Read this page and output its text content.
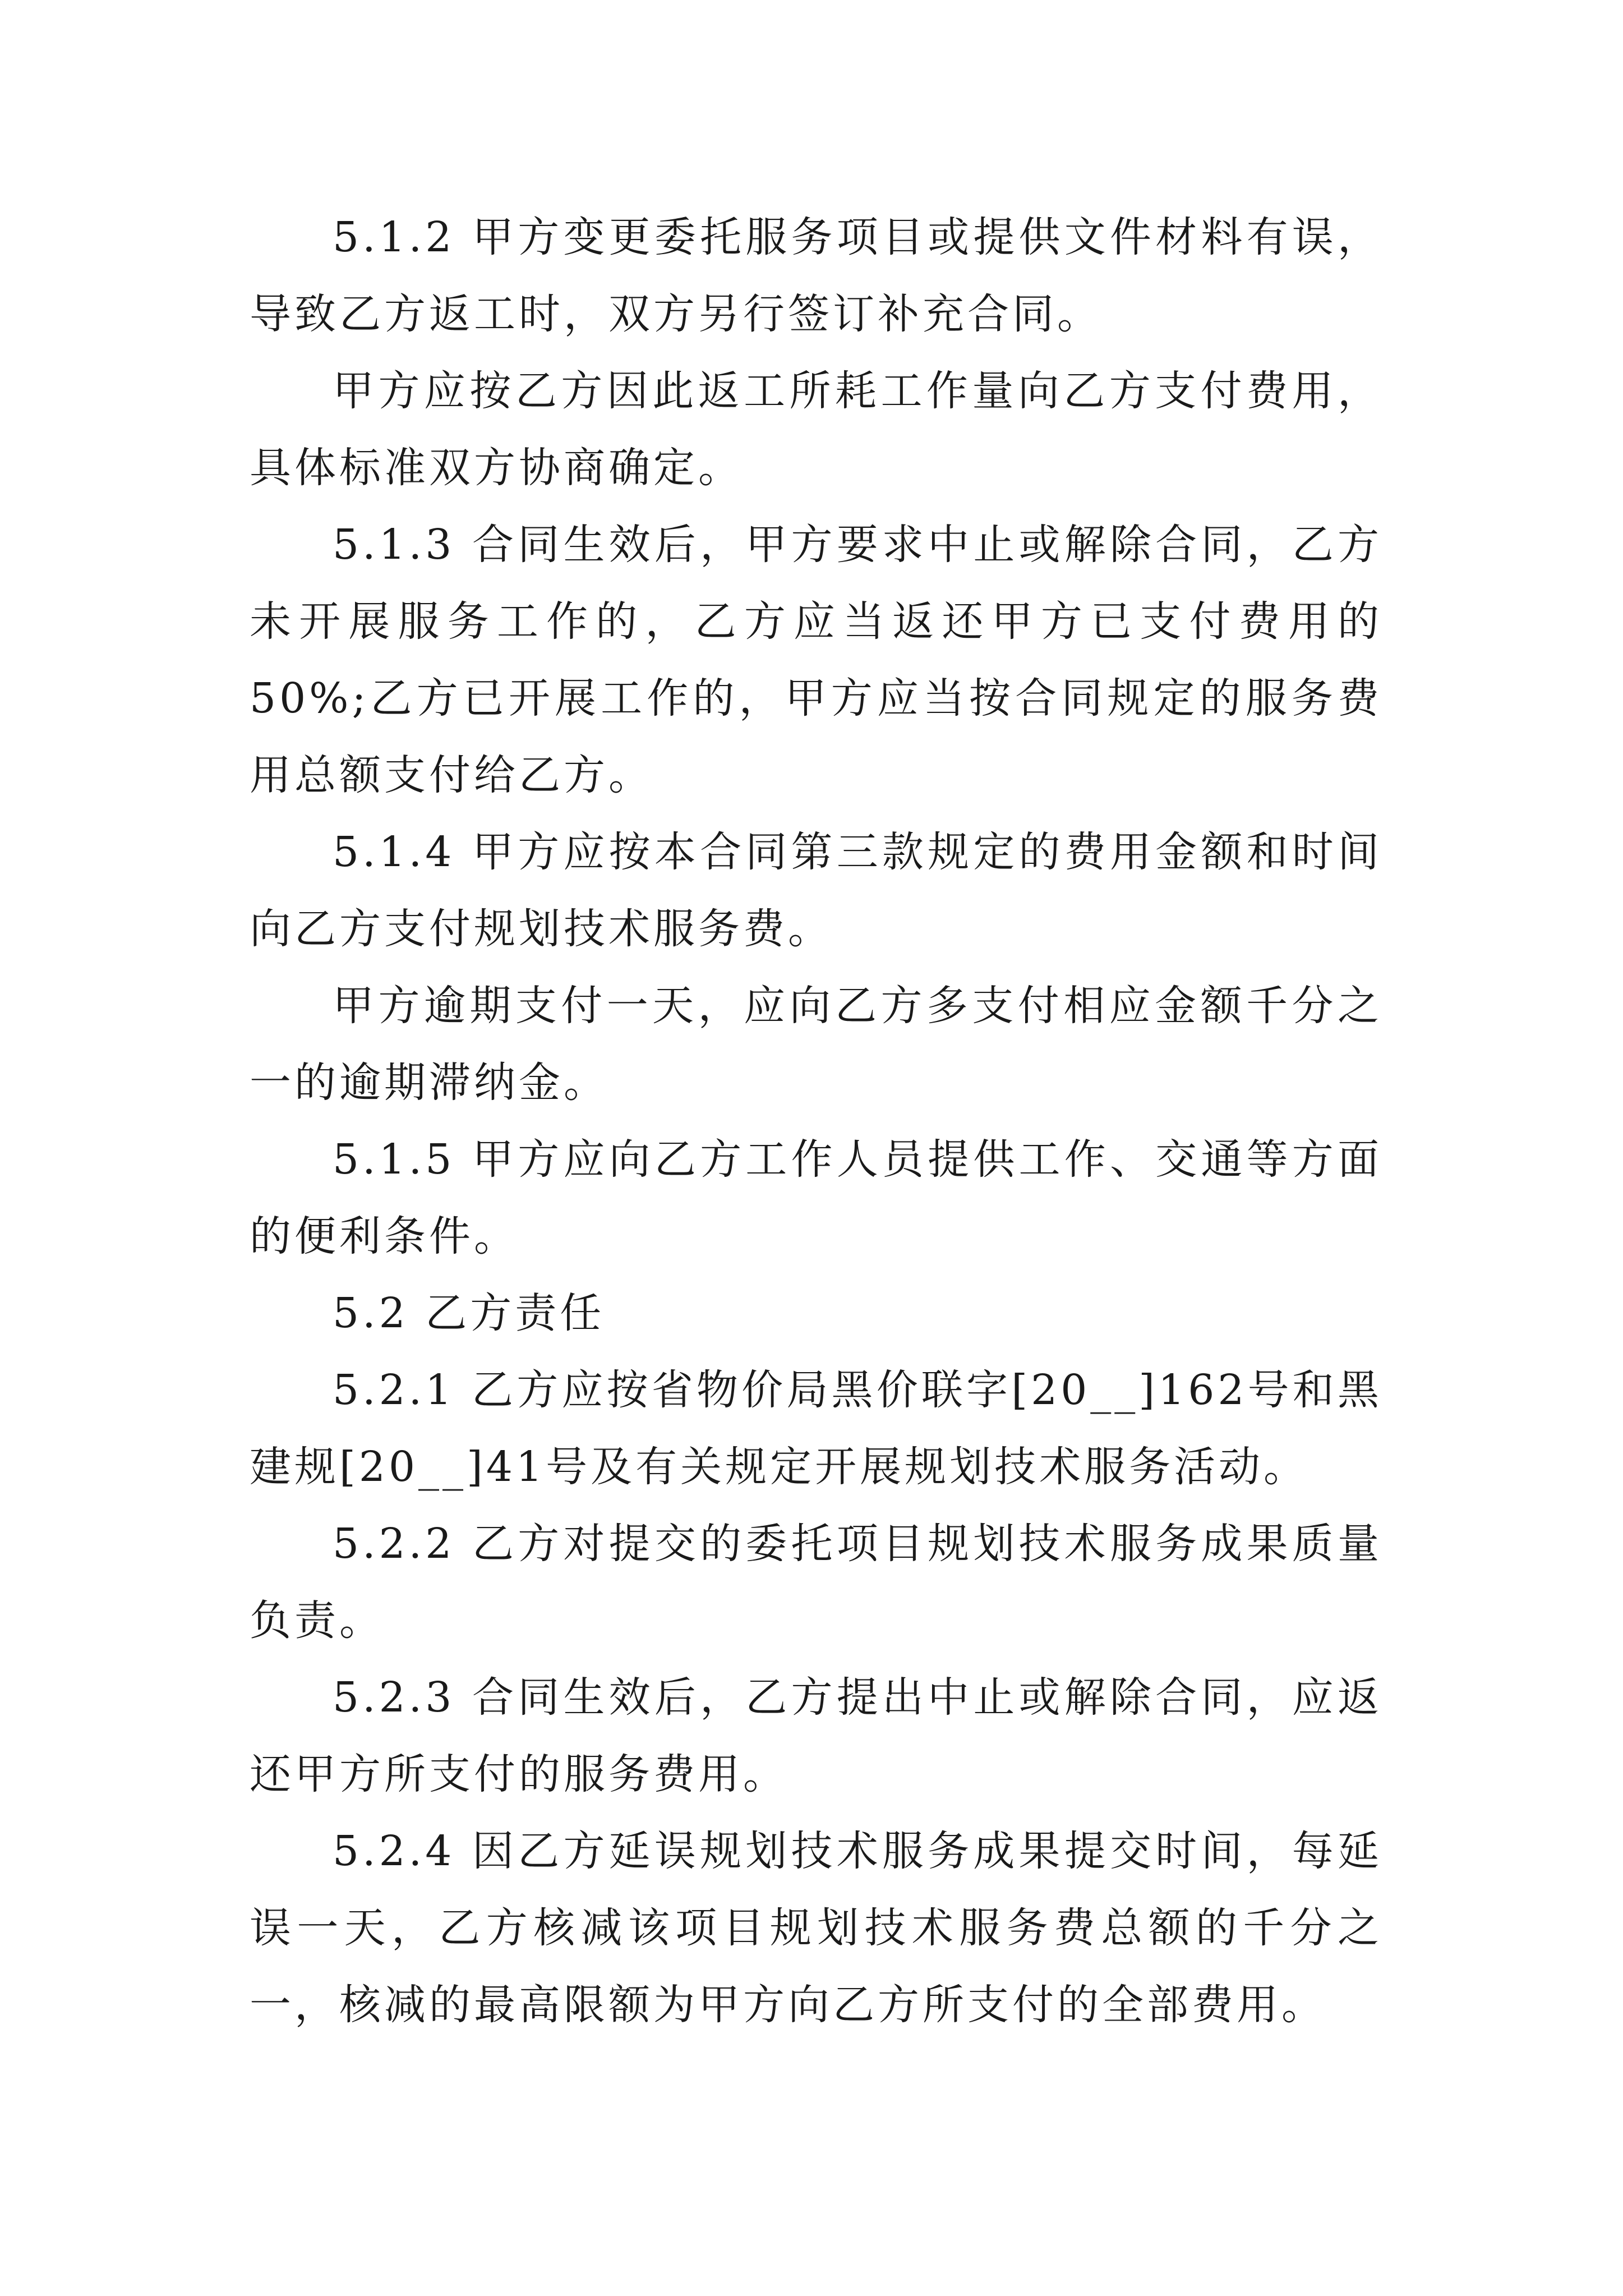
5.1.2 甲方变更委托服务项目或提供文件材料有误，导致乙方返工时，双方另行签订补充合同。

甲方应按乙方因此返工所耗工作量向乙方支付费用，具体标准双方协商确定。

5.1.3 合同生效后，甲方要求中止或解除合同，乙方未开展服务工作的，乙方应当返还甲方已支付费用的50%;乙方已开展工作的，甲方应当按合同规定的服务费用总额支付给乙方。

5.1.4 甲方应按本合同第三款规定的费用金额和时间向乙方支付规划技术服务费。

甲方逾期支付一天，应向乙方多支付相应金额千分之一的逾期滞纳金。

5.1.5 甲方应向乙方工作人员提供工作、交通等方面的便利条件。

5.2 乙方责任

5.2.1 乙方应按省物价局黑价联字[20__]162号和黑建规[20__]41号及有关规定开展规划技术服务活动。

5.2.2 乙方对提交的委托项目规划技术服务成果质量负责。

5.2.3 合同生效后，乙方提出中止或解除合同，应返还甲方所支付的服务费用。

5.2.4 因乙方延误规划技术服务成果提交时间，每延误一天，乙方核减该项目规划技术服务费总额的千分之一，核减的最高限额为甲方向乙方所支付的全部费用。
